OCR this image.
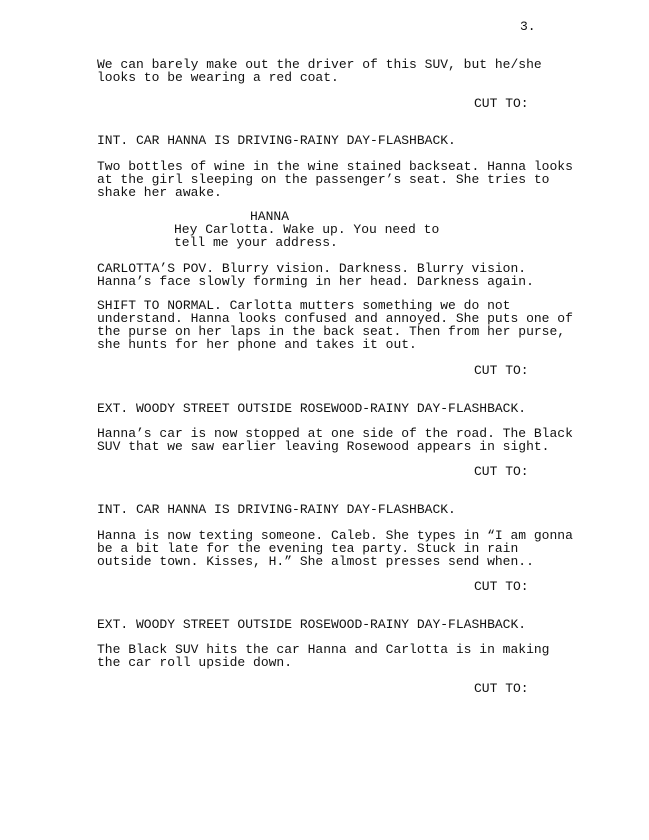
3.
We can barely make out the driver of this SUV, but he/she
looks to be wearing a red coat.
CUT TO:
INT. CAR HANNA IS DRIVING-RAINY DAY-FLASHBACK.
Two bottles of wine in the wine stained backseat. Hanna looks
at the girl sleeping on the passenger’s seat. She tries to
shake her awake.
HANNA
Hey Carlotta. Wake up. You need to
tell me your address.
CARLOTTA’S POV. Blurry vision. Darkness. Blurry vision.
Hanna’s face slowly forming in her head. Darkness again.
SHIFT TO NORMAL. Carlotta mutters something we do not
understand. Hanna looks confused and annoyed. She puts one of
the purse on her laps in the back seat. Then from her purse,
she hunts for her phone and takes it out.
CUT TO:
EXT. WOODY STREET OUTSIDE ROSEWOOD-RAINY DAY-FLASHBACK.
Hanna’s car is now stopped at one side of the road. The Black
SUV that we saw earlier leaving Rosewood appears in sight.
CUT TO:
INT. CAR HANNA IS DRIVING-RAINY DAY-FLASHBACK.
Hanna is now texting someone. Caleb. She types in “I am gonna
be a bit late for the evening tea party. Stuck in rain
outside town. Kisses, H.” She almost presses send when..
CUT TO:
EXT. WOODY STREET OUTSIDE ROSEWOOD-RAINY DAY-FLASHBACK.
The Black SUV hits the car Hanna and Carlotta is in making
the car roll upside down.
CUT TO:
